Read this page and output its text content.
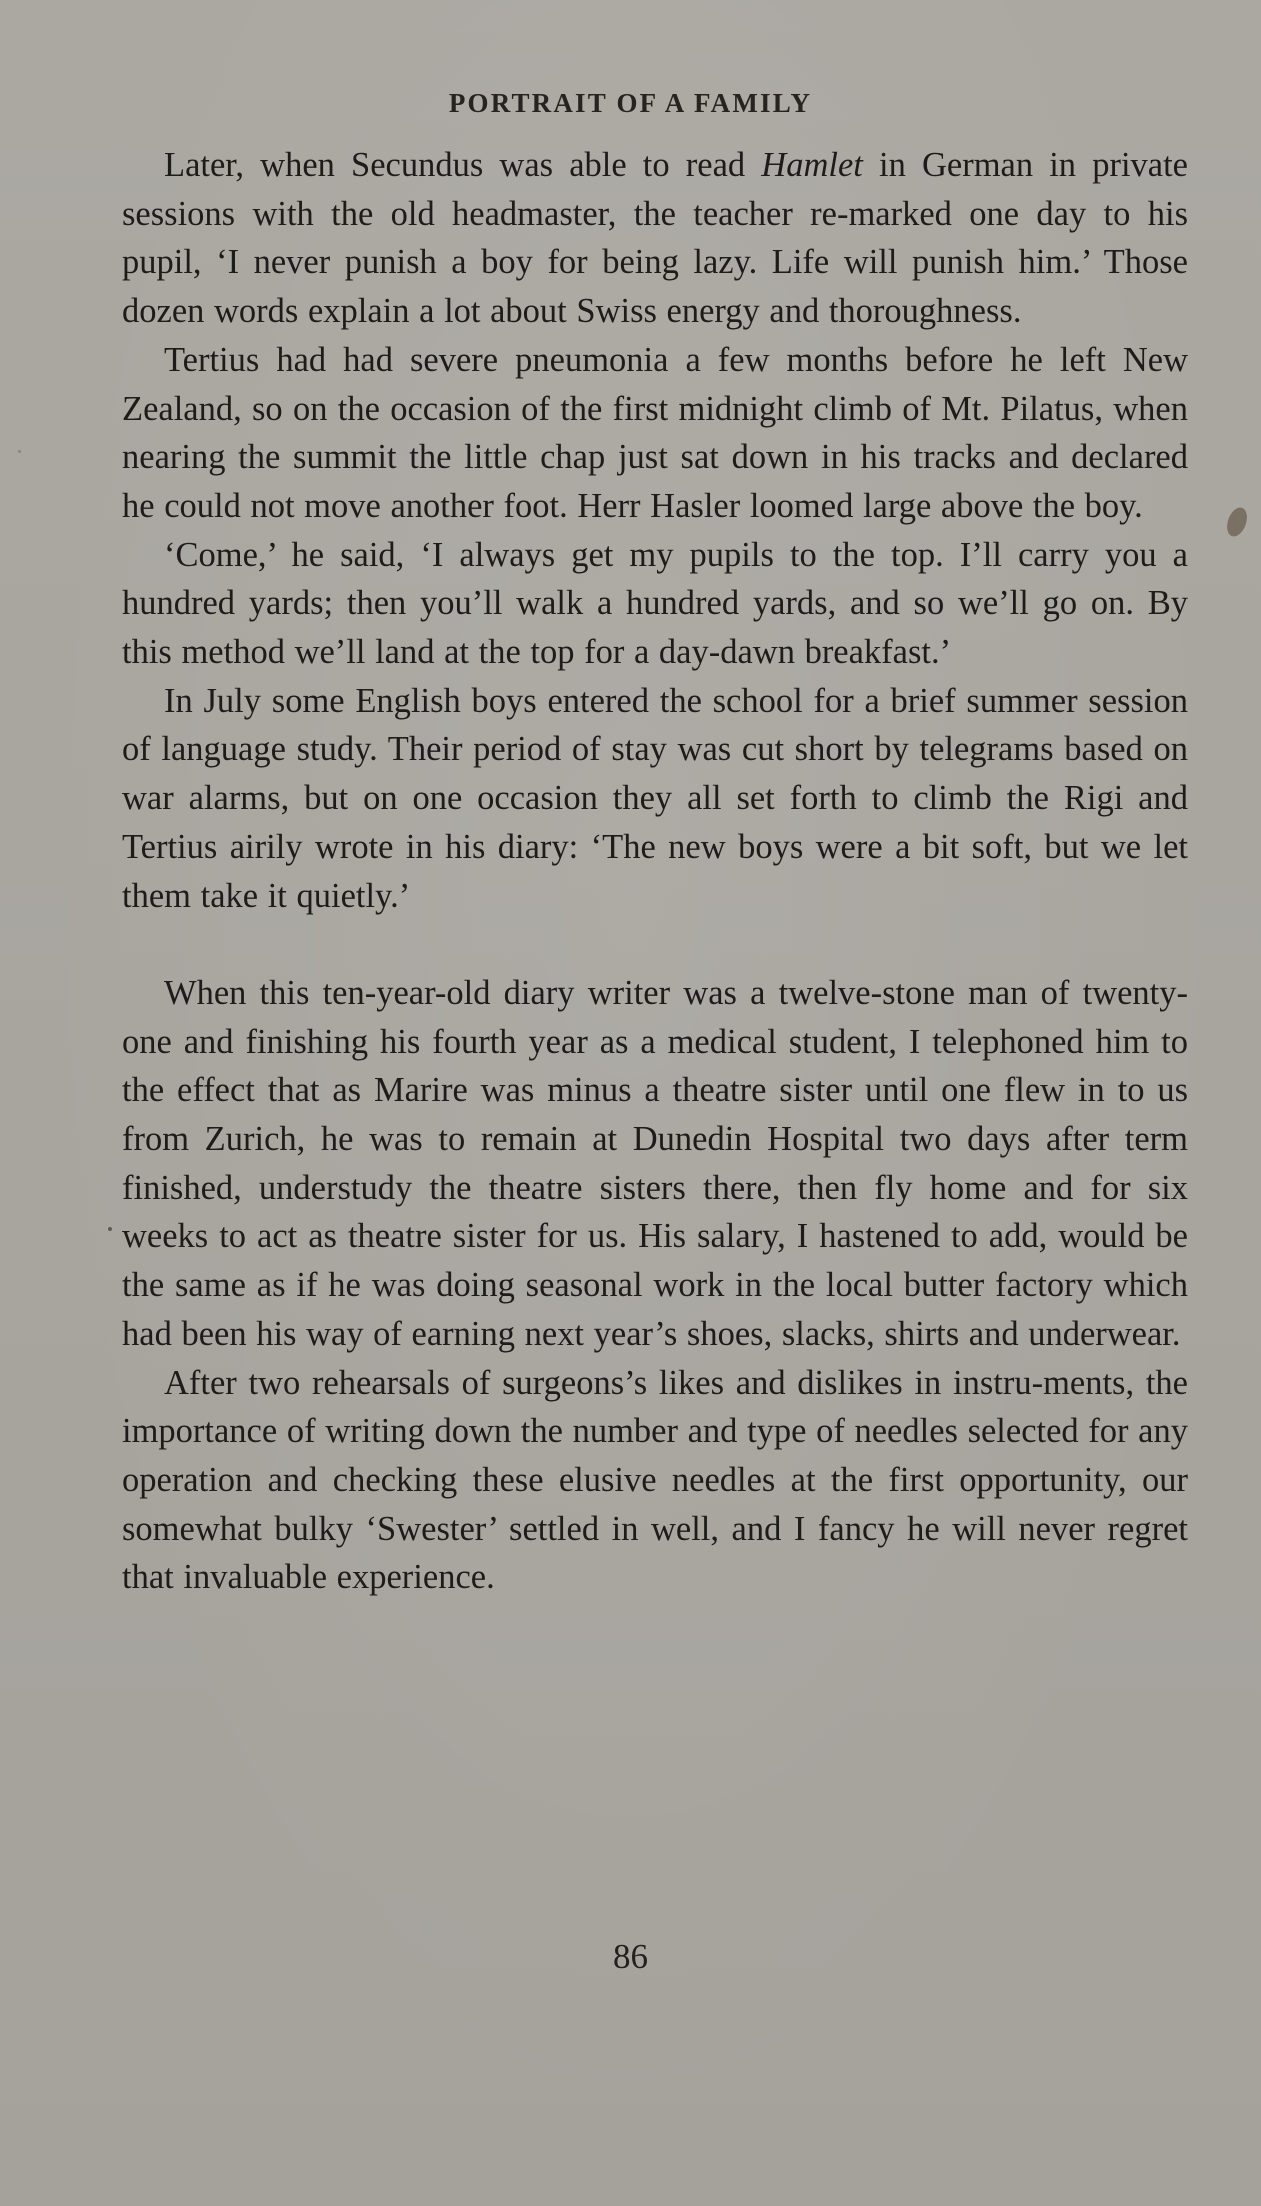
PORTRAIT OF A FAMILY

Later, when Secundus was able to read Hamlet in German in private sessions with the old headmaster, the teacher re-marked one day to his pupil, ‘I never punish a boy for being lazy. Life will punish him.’ Those dozen words explain a lot about Swiss energy and thoroughness.

Tertius had had severe pneumonia a few months before he left New Zealand, so on the occasion of the first midnight climb of Mt. Pilatus, when nearing the summit the little chap just sat down in his tracks and declared he could not move another foot. Herr Hasler loomed large above the boy.

‘Come,’ he said, ‘I always get my pupils to the top. I’ll carry you a hundred yards; then you’ll walk a hundred yards, and so we’ll go on. By this method we’ll land at the top for a day-dawn breakfast.’

In July some English boys entered the school for a brief summer session of language study. Their period of stay was cut short by telegrams based on war alarms, but on one occasion they all set forth to climb the Rigi and Tertius airily wrote in his diary: ‘The new boys were a bit soft, but we let them take it quietly.’

When this ten-year-old diary writer was a twelve-stone man of twenty-one and finishing his fourth year as a medical student, I telephoned him to the effect that as Marire was minus a theatre sister until one flew in to us from Zurich, he was to remain at Dunedin Hospital two days after term finished, understudy the theatre sisters there, then fly home and for six weeks to act as theatre sister for us. His salary, I hastened to add, would be the same as if he was doing seasonal work in the local butter factory which had been his way of earning next year’s shoes, slacks, shirts and underwear.

After two rehearsals of surgeons’s likes and dislikes in instru-ments, the importance of writing down the number and type of needles selected for any operation and checking these elusive needles at the first opportunity, our somewhat bulky ‘Swester’ settled in well, and I fancy he will never regret that invaluable experience.

86
